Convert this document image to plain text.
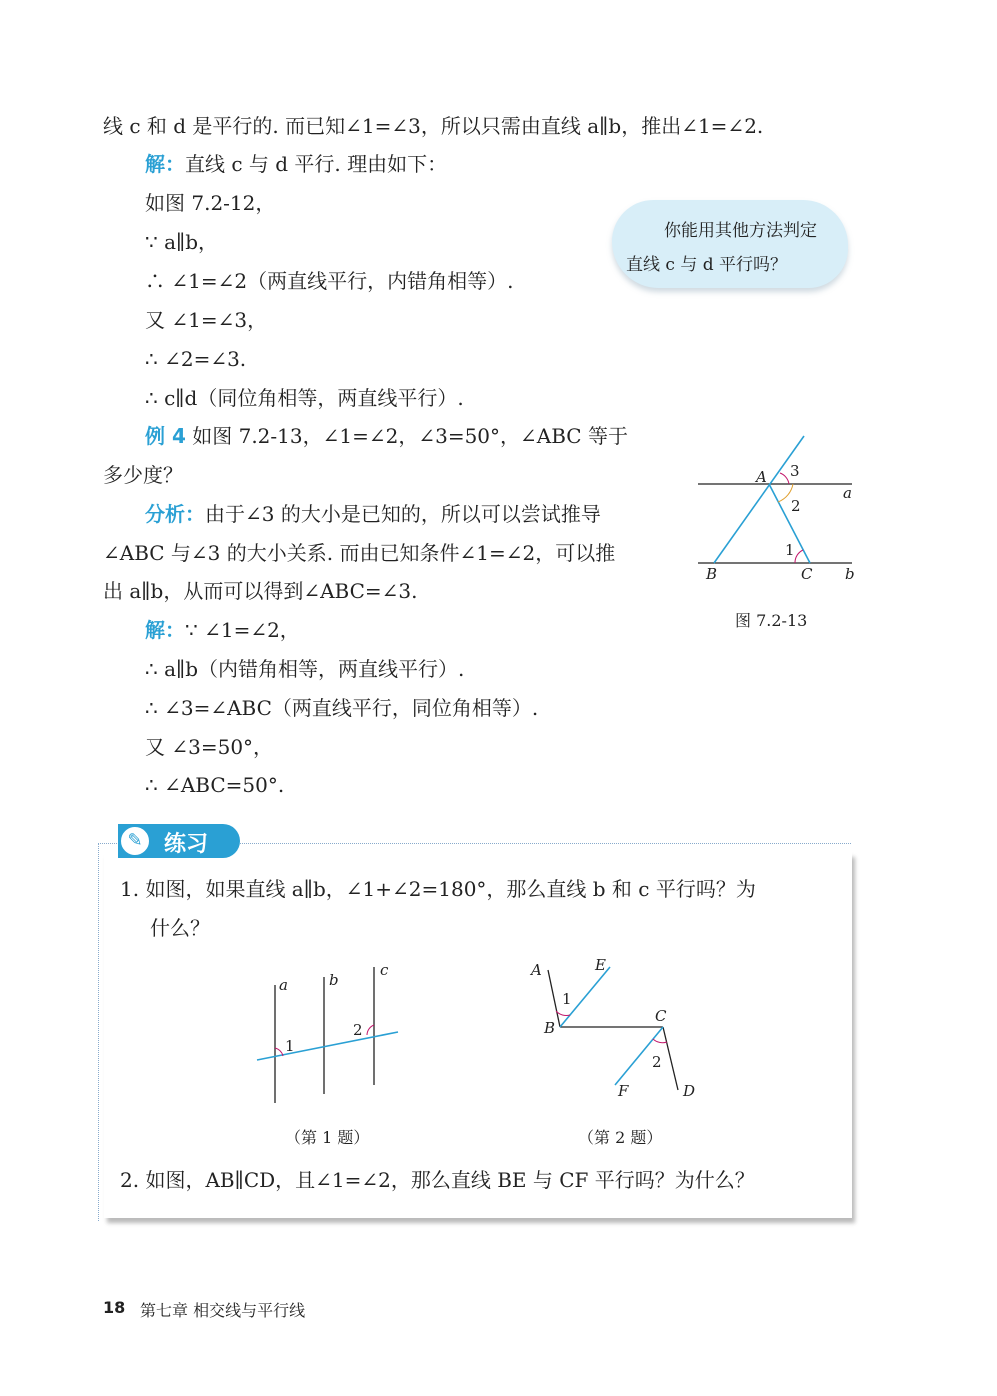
线 c 和 d 是平行的. 而已知∠1=∠3，所以只需由直线 a∥b，推出∠1=∠2.
解：直线 c 与 d 平行. 理由如下：
如图 7.2-12，
∵ a∥b，
∴ ∠1=∠2（两直线平行，内错角相等）.
又 ∠1=∠3，
∴ ∠2=∠3.
∴ c∥d（同位角相等，两直线平行）.
例 4 如图 7.2-13，∠1=∠2，∠3=50°，∠ABC 等于
多少度？
分析：由于∠3 的大小是已知的，所以可以尝试推导
∠ABC 与∠3 的大小关系. 而由已知条件∠1=∠2，可以推
出 a∥b，从而可以得到∠ABC=∠3.
解：∵ ∠1=∠2，
∴ a∥b（内错角相等，两直线平行）.
∴ ∠3=∠ABC（两直线平行，同位角相等）.
又 ∠3=50°，
∴ ∠ABC=50°.
你能用其他方法判定
直线 c 与 d 平行吗？
A 3
a
2
1
B	C b
图 7.2-13
✎ 练习
1. 如图，如果直线 a∥b，∠1+∠2=180°，那么直线 b 和 c 平行吗？为
什么？
a	b
c
1
2
（第 1 题）
A	E
1
B
C
2
F	D
（第 2 题）
2. 如图，AB∥CD，且∠1=∠2，那么直线 BE 与 CF 平行吗？为什么？
18 第七章 相交线与平行线
